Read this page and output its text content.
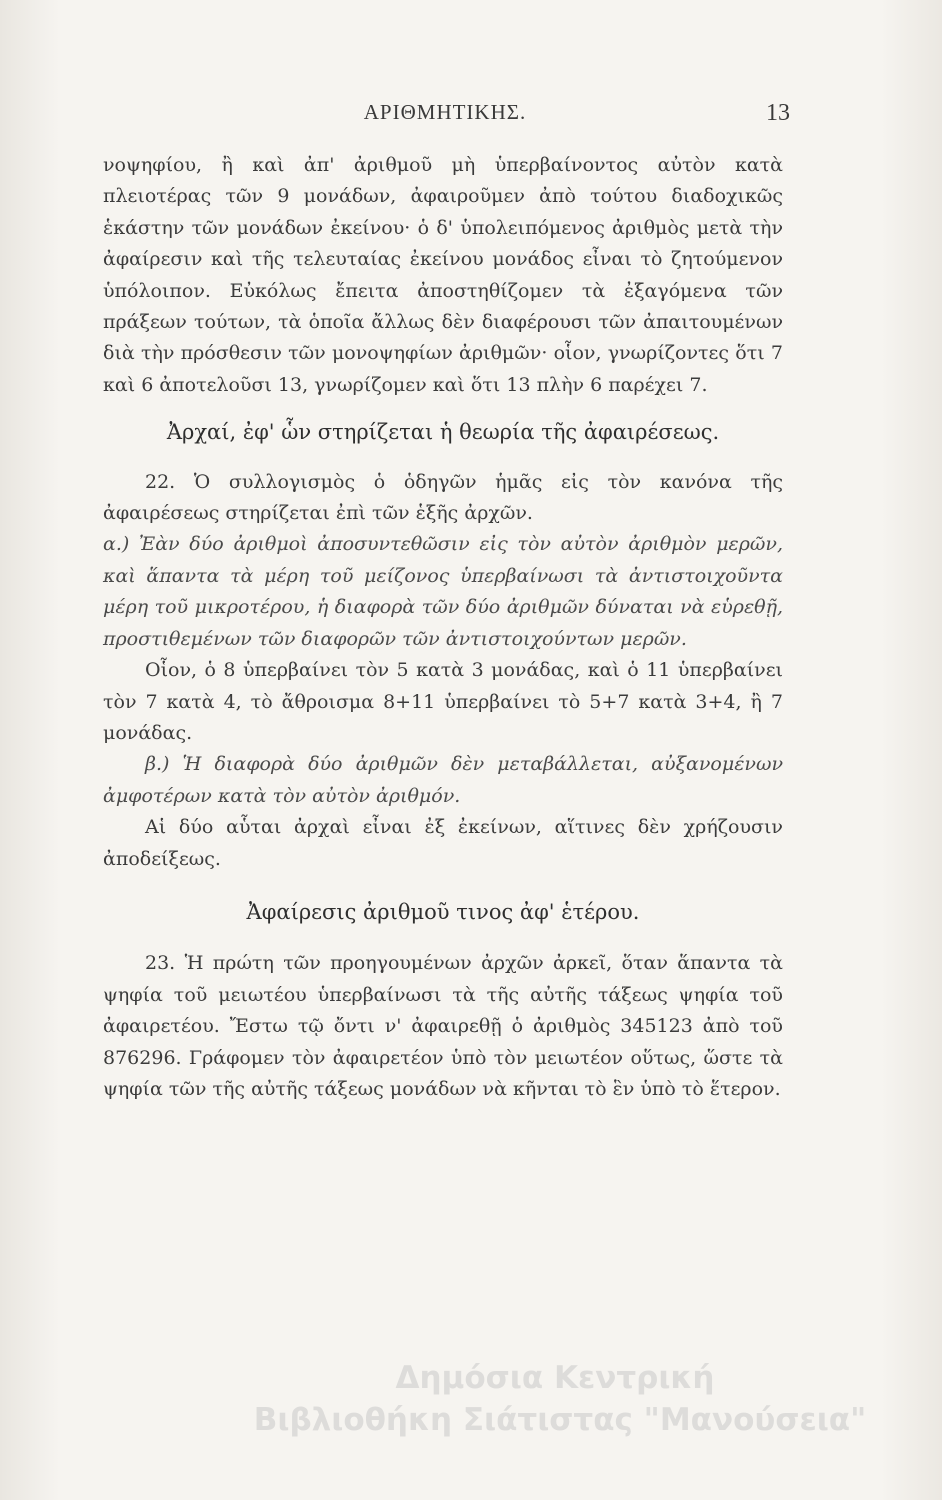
ΑΡΙΘΜΗΤΙΚΗΣ.	13

νοψηφίου, ἢ καὶ ἀπ' ἀριθμοῦ μὴ ὑπερβαίνοντος αὐτὸν κατὰ πλειοτέρας τῶν 9 μονάδων, ἀφαιροῦμεν ἀπὸ τούτου διαδοχικῶς ἑκάστην τῶν μονάδων ἐκείνου· ὁ δ' ὑπολειπόμενος ἀριθμὸς μετὰ τὴν ἀφαίρεσιν καὶ τῆς τελευταίας ἐκείνου μονάδος εἶναι τὸ ζητούμενον ὑπόλοιπον. Εὐκόλως ἔπειτα ἀποστηθίζομεν τὰ ἐξαγόμενα τῶν πράξεων τούτων, τὰ ὁποῖα ἄλλως δὲν διαφέρουσι τῶν ἀπαιτουμένων διὰ τὴν πρόσθεσιν τῶν μονοψηφίων ἀριθμῶν· οἷον, γνωρίζοντες ὅτι 7 καὶ 6 ἀποτελοῦσι 13, γνωρίζομεν καὶ ὅτι 13 πλὴν 6 παρέχει 7.

Ἀρχαί, ἐφ' ὧν στηρίζεται ἡ θεωρία τῆς ἀφαιρέσεως.

22. Ὁ συλλογισμὸς ὁ ὁδηγῶν ἡμᾶς εἰς τὸν κανόνα τῆς ἀφαιρέσεως στηρίζεται ἐπὶ τῶν ἑξῆς ἀρχῶν.

α.) Ἐὰν δύο ἀριθμοὶ ἀποσυντεθῶσιν εἰς τὸν αὐτὸν ἀριθμὸν μερῶν, καὶ ἅπαντα τὰ μέρη τοῦ μείζονος ὑπερβαίνωσι τὰ ἀντιστοιχοῦντα μέρη τοῦ μικροτέρου, ἡ διαφορὰ τῶν δύο ἀριθμῶν δύναται νὰ εὑρεθῇ, προστιθεμένων τῶν διαφορῶν τῶν ἀντιστοιχούντων μερῶν.

Οἷον, ὁ 8 ὑπερβαίνει τὸν 5 κατὰ 3 μονάδας, καὶ ὁ 11 ὑπερβαίνει τὸν 7 κατὰ 4, τὸ ἄθροισμα 8+11 ὑπερβαίνει τὸ 5+7 κατὰ 3+4, ἢ 7 μονάδας.

β.) Ἡ διαφορὰ δύο ἀριθμῶν δὲν μεταβάλλεται, αὐξανομένων ἀμφοτέρων κατὰ τὸν αὐτὸν ἀριθμόν.

Αἱ δύο αὗται ἀρχαὶ εἶναι ἐξ ἐκείνων, αἵτινες δὲν χρήζουσιν ἀποδείξεως.

Ἀφαίρεσις ἀριθμοῦ τινος ἀφ' ἑτέρου.

23. Ἡ πρώτη τῶν προηγουμένων ἀρχῶν ἀρκεῖ, ὅταν ἅπαντα τὰ ψηφία τοῦ μειωτέου ὑπερβαίνωσι τὰ τῆς αὐτῆς τάξεως ψηφία τοῦ ἀφαιρετέου. Ἔστω τῷ ὄντι ν' ἀφαιρεθῇ ὁ ἀριθμὸς 345123 ἀπὸ τοῦ 876296. Γράφομεν τὸν ἀφαιρετέον ὑπὸ τὸν μειωτέον οὕτως, ὥστε τὰ ψηφία τῶν τῆς αὐτῆς τάξεως μονάδων νὰ κῆνται τὸ ἓν ὑπὸ τὸ ἕτερον.

Δημόσια Κεντρική
Βιβλιοθήκη Σιάτιστας "Μανούσεια"
